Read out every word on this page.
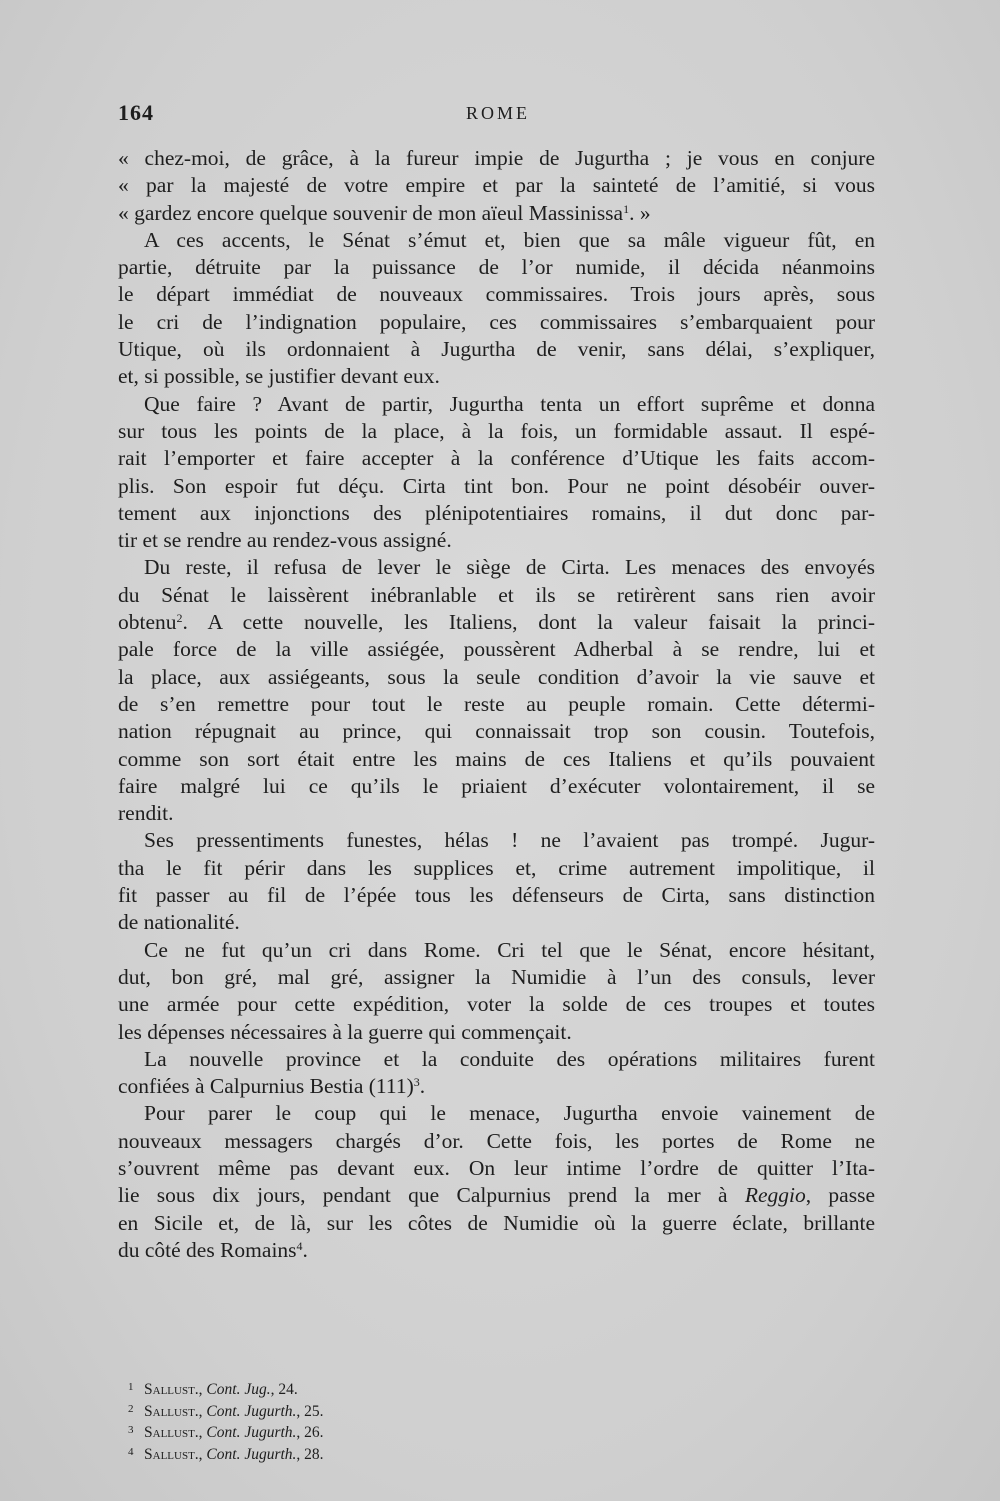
164	ROME
« chez-moi, de grâce, à la fureur impie de Jugurtha ; je vous en conjure
« par la majesté de votre empire et par la sainteté de l’amitié, si vous
« gardez encore quelque souvenir de mon aïeul Massinissa$^1$. »
A ces accents, le Sénat s’émut et, bien que sa mâle vigueur fût, en
partie, détruite par la puissance de l’or numide, il décida néanmoins
le départ immédiat de nouveaux commissaires. Trois jours après, sous
le cri de l’indignation populaire, ces commissaires s’embarquaient pour
Utique, où ils ordonnaient à Jugurtha de venir, sans délai, s’expliquer,
et, si possible, se justifier devant eux.
Que faire ? Avant de partir, Jugurtha tenta un effort suprême et donna
sur tous les points de la place, à la fois, un formidable assaut. Il espé-
rait l’emporter et faire accepter à la conférence d’Utique les faits accom-
plis. Son espoir fut déçu. Cirta tint bon. Pour ne point désobéir ouver-
tement aux injonctions des plénipotentiaires romains, il dut donc par-
tir et se rendre au rendez-vous assigné.
Du reste, il refusa de lever le siège de Cirta. Les menaces des envoyés
du Sénat le laissèrent inébranlable et ils se retirèrent sans rien avoir
obtenu$^2$. A cette nouvelle, les Italiens, dont la valeur faisait la princi-
pale force de la ville assiégée, poussèrent Adherbal à se rendre, lui et
la place, aux assiégeants, sous la seule condition d’avoir la vie sauve et
de s’en remettre pour tout le reste au peuple romain. Cette détermi-
nation répugnait au prince, qui connaissait trop son cousin. Toutefois,
comme son sort était entre les mains de ces Italiens et qu’ils pouvaient
faire malgré lui ce qu’ils le priaient d’exécuter volontairement, il se
rendit.
Ses pressentiments funestes, hélas ! ne l’avaient pas trompé. Jugur-
tha le fit périr dans les supplices et, crime autrement impolitique, il
fit passer au fil de l’épée tous les défenseurs de Cirta, sans distinction
de nationalité.
Ce ne fut qu’un cri dans Rome. Cri tel que le Sénat, encore hésitant,
dut, bon gré, mal gré, assigner la Numidie à l’un des consuls, lever
une armée pour cette expédition, voter la solde de ces troupes et toutes
les dépenses nécessaires à la guerre qui commençait.
La nouvelle province et la conduite des opérations militaires furent
confiées à Calpurnius Bestia $(111)^3$.
Pour parer le coup qui le menace, Jugurtha envoie vainement de
nouveaux messagers chargés d’or. Cette fois, les portes de Rome ne
s’ouvrent même pas devant eux. On leur intime l’ordre de quitter l’Ita-
lie sous dix jours, pendant que Calpurnius prend la mer à Reggio, passe
en Sicile et, de là, sur les côtes de Numidie où la guerre éclate, brillante
du côté des Romains$^4$.
1 Sallust., Cont. Jug., 24.
2 Sallust., Cont. Jugurth., 25.
3 Sallust., Cont. Jugurth., 26.
4 Sallust., Cont. Jugurth., 28.
